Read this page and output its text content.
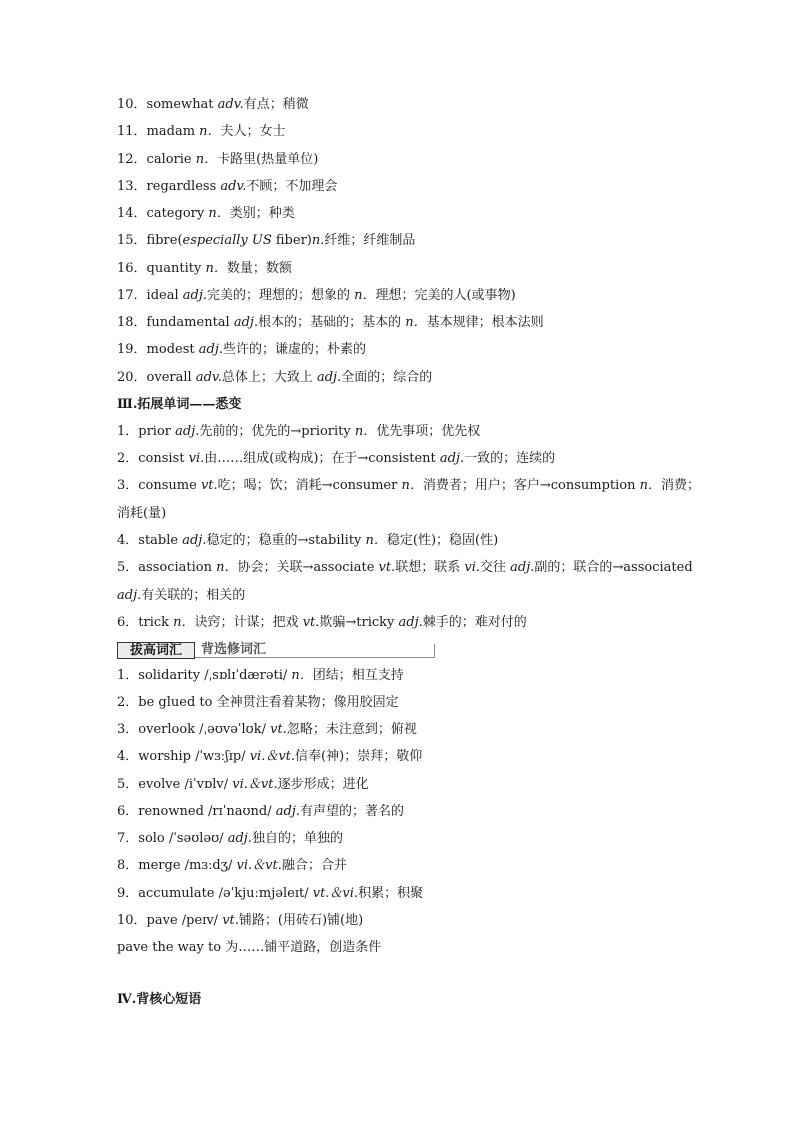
10．somewhat adv.有点；稍微
11．madam n．夫人；女士
12．calorie n．卡路里(热量单位)
13．regardless adv.不顾；不加理会
14．category n．类别；种类
15．fibre(especially US fiber)n.纤维；纤维制品
16．quantity n．数量；数额
17．ideal adj.完美的；理想的；想象的 n．理想；完美的人(或事物)
18．fundamental adj.根本的；基础的；基本的 n．基本规律；根本法则
19．modest adj.些许的；谦虚的；朴素的
20．overall adv.总体上；大致上 adj.全面的；综合的
Ⅲ.拓展单词——悉变
1．prior adj.先前的；优先的→priority n．优先事项；优先权
2．consist vi.由……组成(或构成)；在于→consistent adj.一致的；连续的
3．consume vt.吃；喝；饮；消耗→consumer n．消费者；用户；客户→consumption n．消费；
消耗(量)
4．stable adj.稳定的；稳重的→stability n．稳定(性)；稳固(性)
5．association n．协会；关联→associate vt.联想；联系 vi.交往 adj.副的；联合的→associated
adj.有关联的；相关的
6．trick n．诀窍；计谋；把戏 vt.欺骗→tricky adj.棘手的；难对付的
拔高词汇	背选修词汇
1．solidarity /ˌsɒlɪˈdærəti/ n．团结；相互支持
2．be glued to 全神贯注看着某物；像用胶固定
3．overlook /ˌəʊvəˈlʊk/ vt.忽略；未注意到；俯视
4．worship /ˈwɜːʃɪp/ vi.＆vt.信奉(神)；崇拜；敬仰
5．evolve /iˈvɒlv/ vi.＆vt.逐步形成；进化
6．renowned /rɪˈnaʊnd/ adj.有声望的；著名的
7．solo /ˈsəʊləʊ/ adj.独自的；单独的
8．merge /mɜːdʒ/ vi.＆vt.融合；合并
9．accumulate /əˈkjuːmjəleɪt/ vt.＆vi.积累；积聚
10．pave /peɪv/ vt.铺路；(用砖石)铺(地)
pave the way to 为……铺平道路，创造条件
Ⅳ.背核心短语
